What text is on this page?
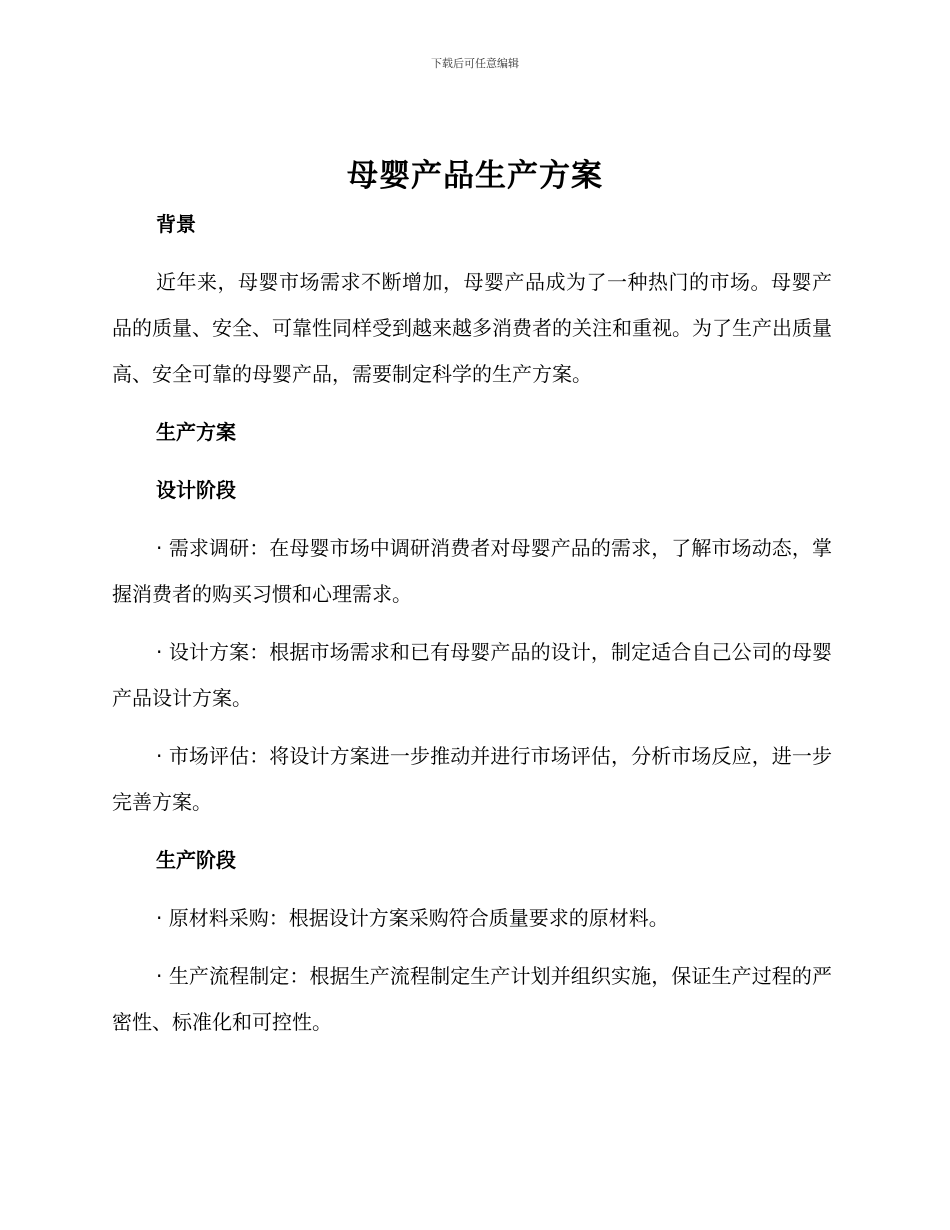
下载后可任意编辑
母婴产品生产方案
背景
近年来，母婴市场需求不断增加，母婴产品成为了一种热门的市场。母婴产品的质量、安全、可靠性同样受到越来越多消费者的关注和重视。为了生产出质量高、安全可靠的母婴产品，需要制定科学的生产方案。
生产方案
设计阶段
· 需求调研：在母婴市场中调研消费者对母婴产品的需求，了解市场动态，掌握消费者的购买习惯和心理需求。
· 设计方案：根据市场需求和已有母婴产品的设计，制定适合自己公司的母婴产品设计方案。
· 市场评估：将设计方案进一步推动并进行市场评估，分析市场反应，进一步完善方案。
生产阶段
· 原材料采购：根据设计方案采购符合质量要求的原材料。
· 生产流程制定：根据生产流程制定生产计划并组织实施，保证生产过程的严密性、标准化和可控性。
